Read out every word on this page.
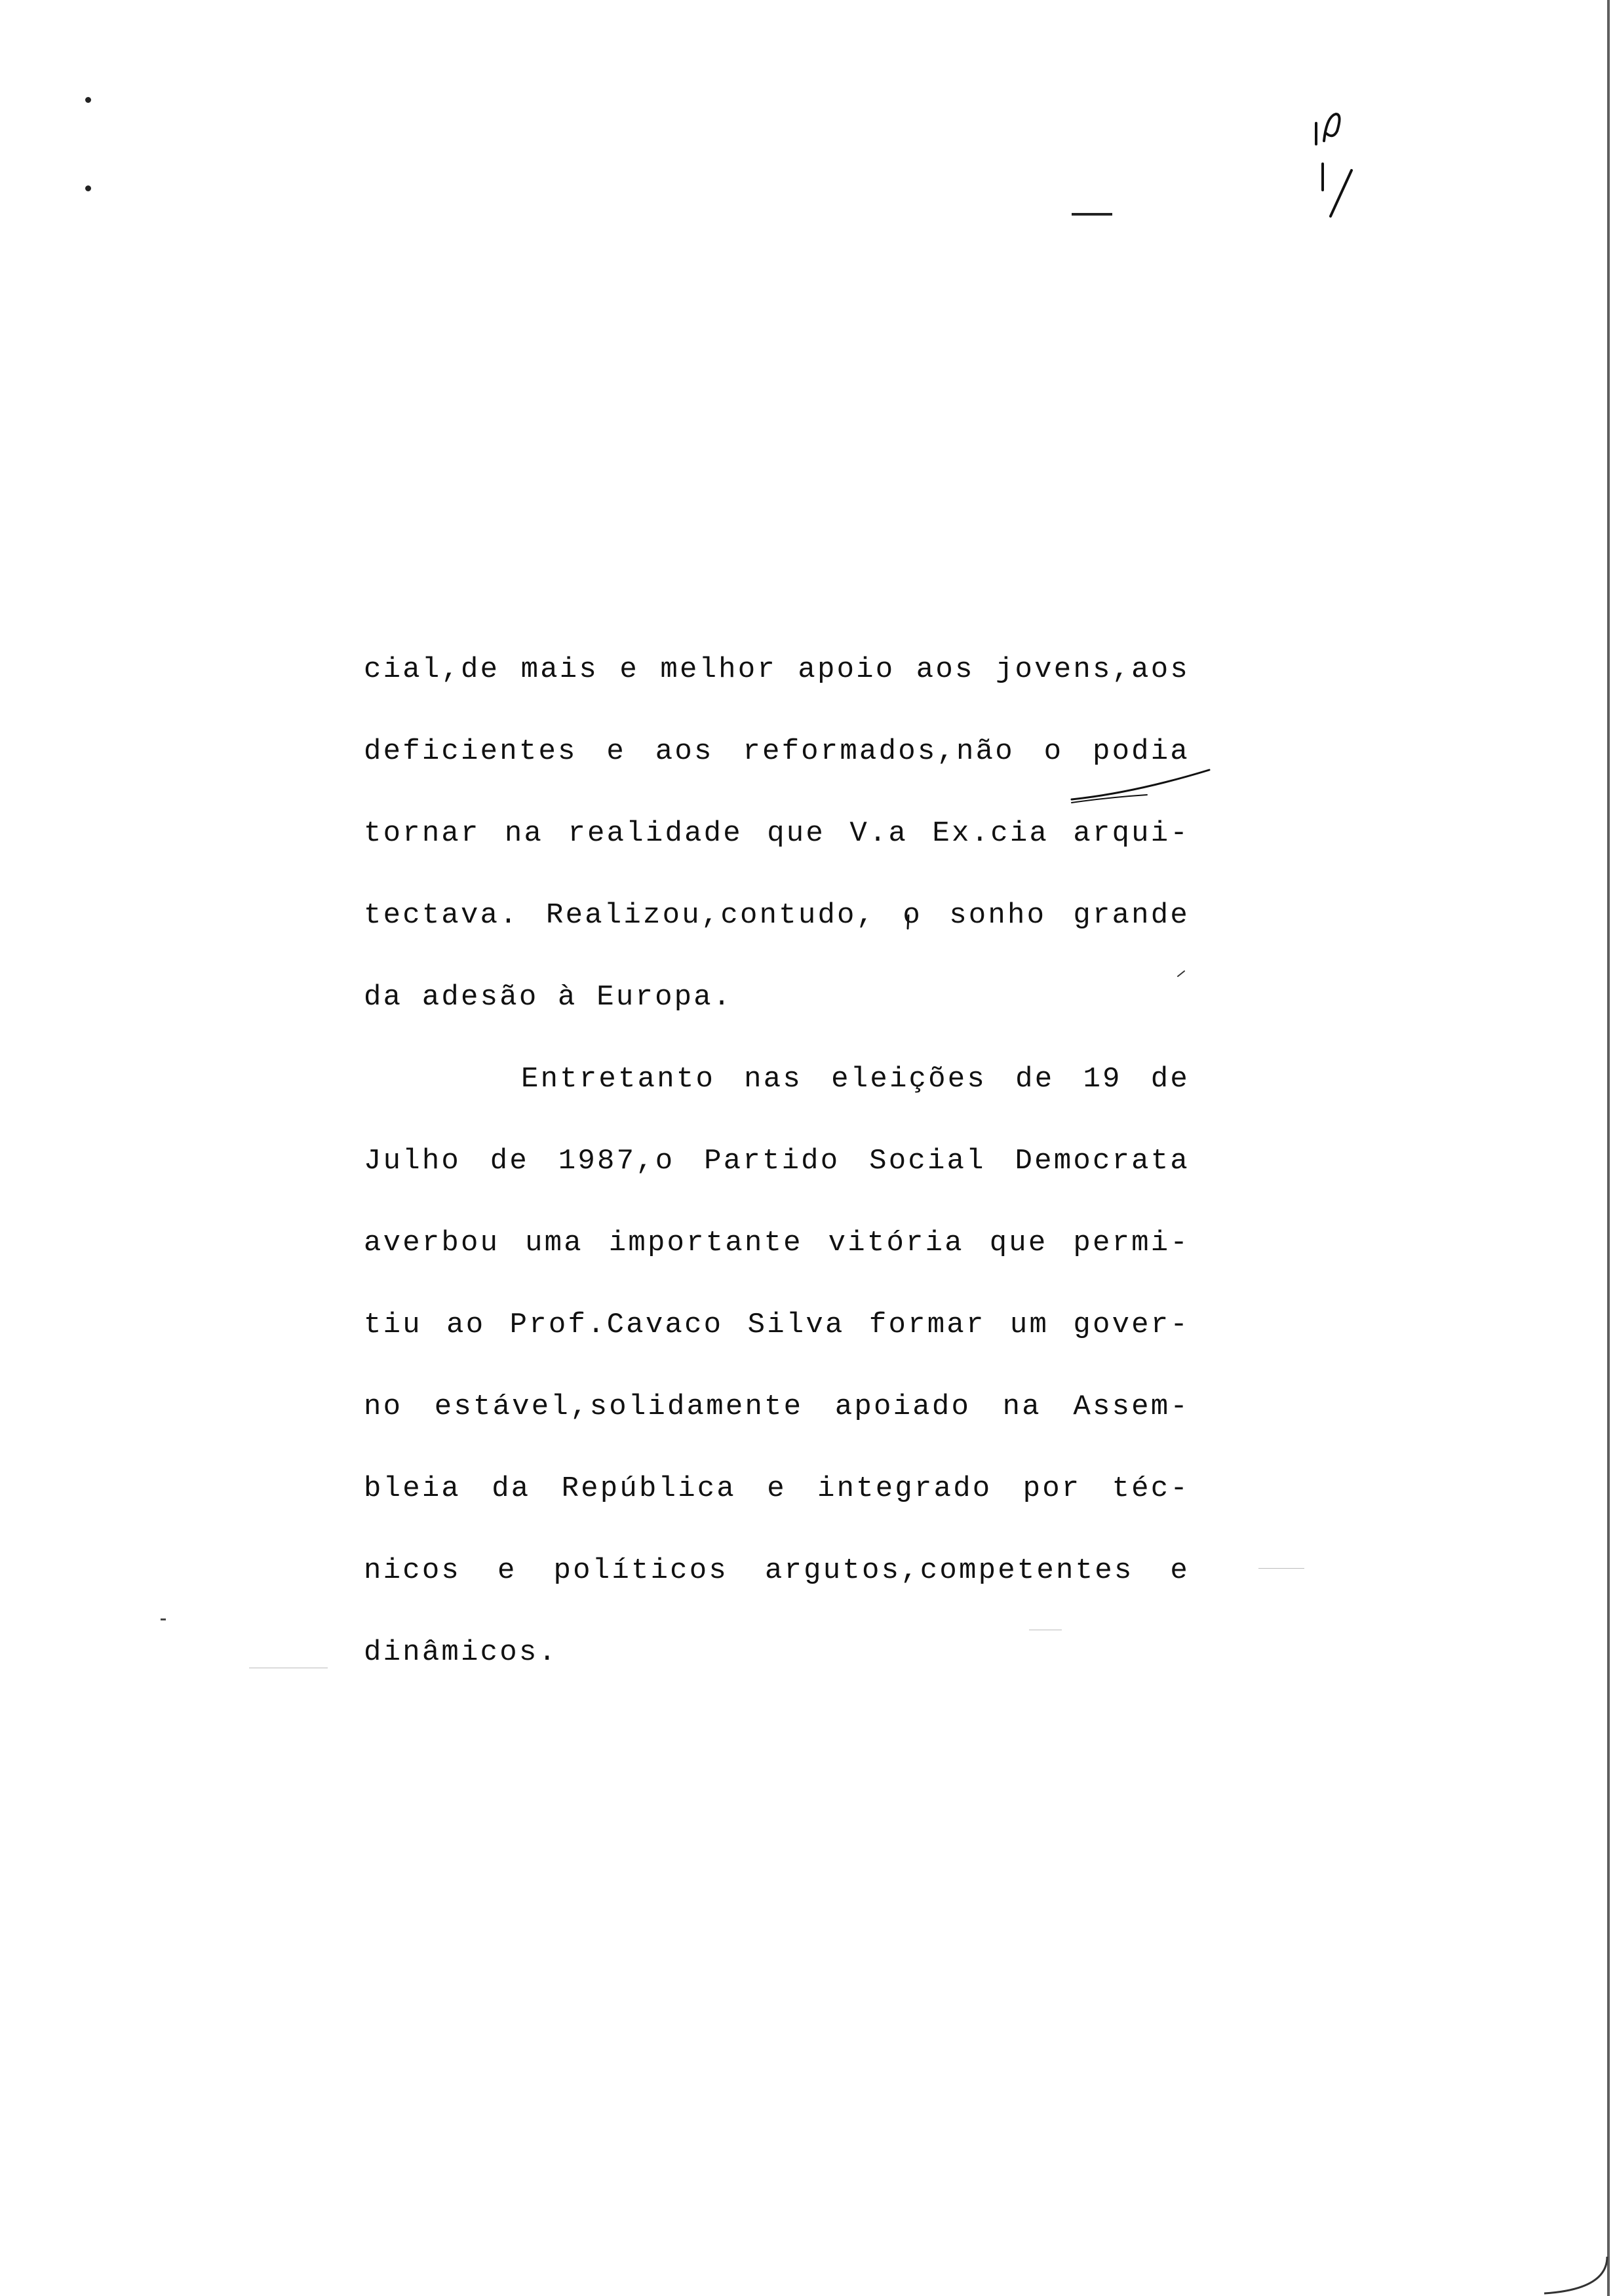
cial,de mais e melhor apoio aos jovens,aos
deficientes e aos reformados,não o podia
tornar na realidade que V.a Ex.cia arqui-
tectava. Realizou,contudo, o sonho grande
da adesão à Europa.
Entretanto nas eleições de 19 de
Julho de 1987,o Partido Social Democrata
averbou uma importante vitória que permi-
tiu ao Prof.Cavaco Silva formar um gover-
no estável,solidamente apoiado na Assem-
bleia da República e integrado por téc-
nicos e políticos argutos,competentes e
dinâmicos.
